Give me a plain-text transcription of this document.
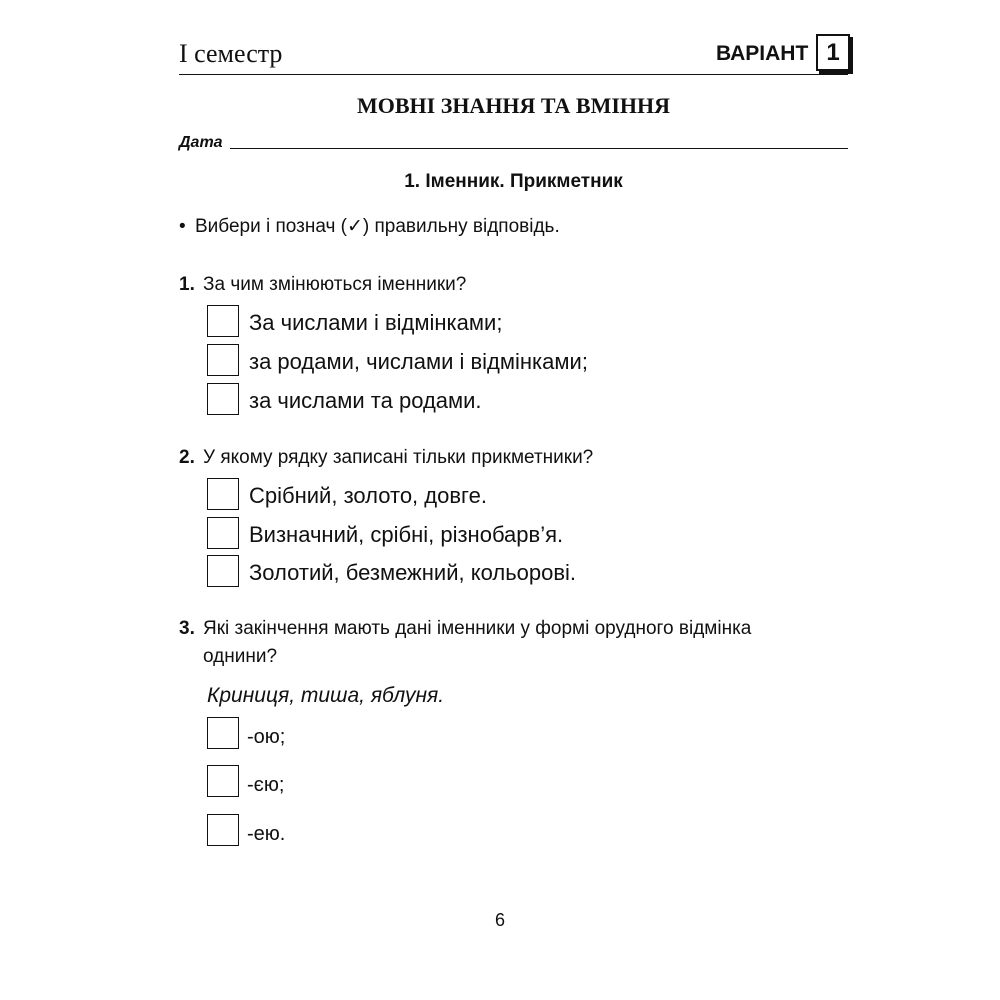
I семестр	ВАРІАНТ 1
МОВНІ ЗНАННЯ ТА ВМІННЯ
Дата
1. Іменник. Прикметник
• Вибери і познач (✓) правильну відповідь.
1. За чим змінюються іменники?
За числами і відмінками;
за родами, числами і відмінками;
за числами та родами.
2. У якому рядку записані тільки прикметники?
Срібний, золото, довге.
Визначний, срібні, різнобарв’я.
Золотий, безмежний, кольорові.
3. Які закінчення мають дані іменники у формі орудного відмінка
однини?
Криниця, тиша, яблуня.
-ою;
-єю;
-ею.
6
